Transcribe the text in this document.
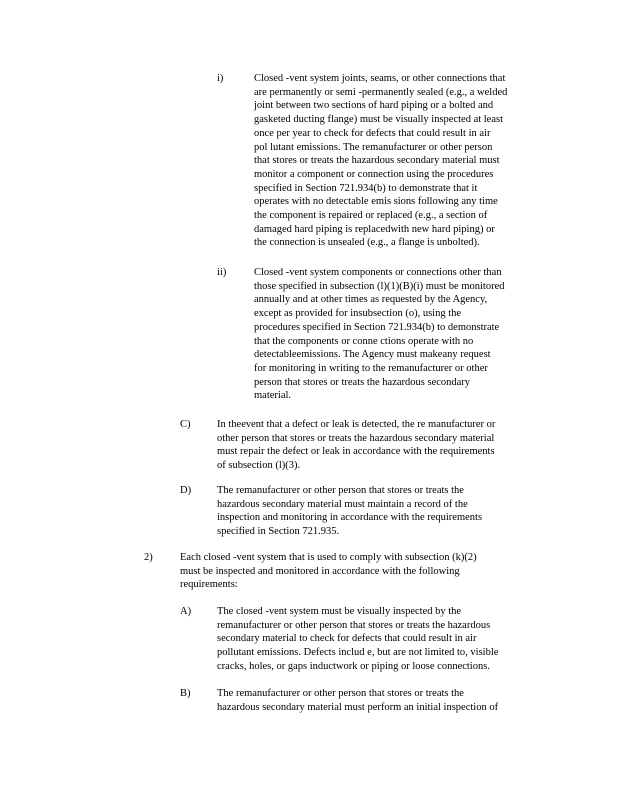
i)	Closed -vent system joints, seams, or other connections that
are permanently or semi -permanently sealed (e.g., a welded
joint between two sections of hard piping or a bolted and
gasketed ducting flange) must be visually inspected at least
once per year to check for defects that could result in air
pol lutant emissions. The remanufacturer or other person
that stores or treats the hazardous secondary material must
monitor a component or connection using the procedures
specified in Section 721.934(b) to demonstrate that it
operates with no detectable emis sions following any time
the component is repaired or replaced (e.g., a section of
damaged hard piping is replacedwith new hard piping) or
the connection is unsealed (e.g., a flange is unbolted).
ii)	Closed -vent system components or connections other than
those specified in subsection (l)(1)(B)(i) must be monitored
annually and at other times as requested by the Agency,
except as provided for insubsection (o), using the
procedures specified in Section 721.934(b) to demonstrate
that the components or conne ctions operate with no
detectableemissions. The Agency must makeany request
for monitoring in writing to the remanufacturer or other
person that stores or treats the hazardous secondary
material.
C)	In theevent that a defect or leak is detected, the re manufacturer or
other person that stores or treats the hazardous secondary material
must repair the defect or leak in accordance with the requirements
of subsection (l)(3).
D) The remanufacturer or other person that stores or treats the
hazardous secondary material must maintain a record of the
inspection and monitoring in accordance with the requirements
specified in Section 721.935.
2)	Each closed -vent system that is used to comply with subsection (k)(2)
must be inspected and monitored in accordance with the following
requirements:
A) The closed -vent system must be visually inspected by the
remanufacturer or other person that stores or treats the hazardous
secondary material to check for defects that could result in air
pollutant emissions. Defects includ e, but are not limited to, visible
cracks, holes, or gaps inductwork or piping or loose connections.
B)	The remanufacturer or other person that stores or treats the
hazardous secondary material must perform an initial inspection of
